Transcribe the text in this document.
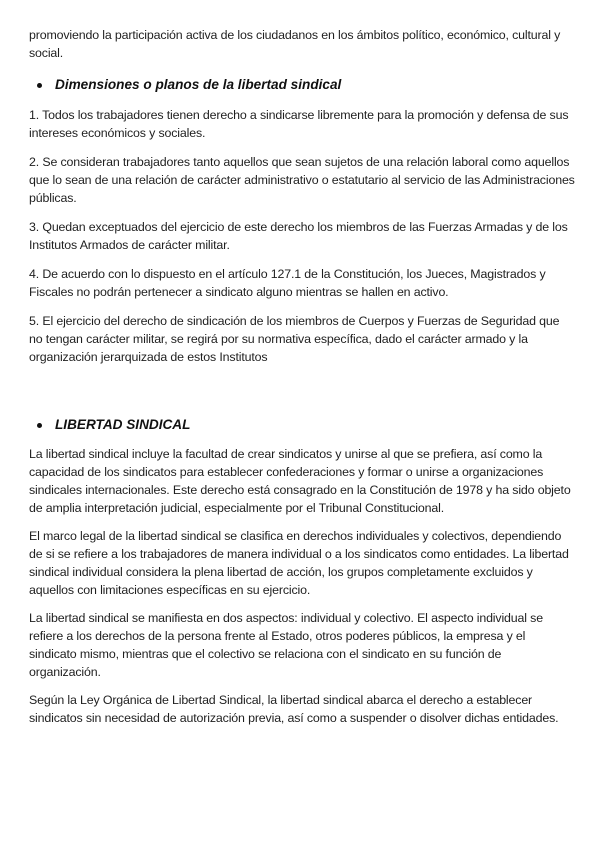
promoviendo la participación activa de los ciudadanos en los ámbitos político, económico, cultural y social.

Dimensiones o planos de la libertad sindical

1. Todos los trabajadores tienen derecho a sindicarse libremente para la promoción y defensa de sus intereses económicos y sociales.

2. Se consideran trabajadores tanto aquellos que sean sujetos de una relación laboral como aquellos que lo sean de una relación de carácter administrativo o estatutario al servicio de las Administraciones públicas.

3. Quedan exceptuados del ejercicio de este derecho los miembros de las Fuerzas Armadas y de los Institutos Armados de carácter militar.

4. De acuerdo con lo dispuesto en el artículo 127.1 de la Constitución, los Jueces, Magistrados y Fiscales no podrán pertenecer a sindicato alguno mientras se hallen en activo.

5. El ejercicio del derecho de sindicación de los miembros de Cuerpos y Fuerzas de Seguridad que no tengan carácter militar, se regirá por su normativa específica, dado el carácter armado y la organización jerarquizada de estos Institutos

LIBERTAD SINDICAL

La libertad sindical incluye la facultad de crear sindicatos y unirse al que se prefiera, así como la capacidad de los sindicatos para establecer confederaciones y formar o unirse a organizaciones sindicales internacionales. Este derecho está consagrado en la Constitución de 1978 y ha sido objeto de amplia interpretación judicial, especialmente por el Tribunal Constitucional.

El marco legal de la libertad sindical se clasifica en derechos individuales y colectivos, dependiendo de si se refiere a los trabajadores de manera individual o a los sindicatos como entidades. La libertad sindical individual considera la plena libertad de acción, los grupos completamente excluidos y aquellos con limitaciones específicas en su ejercicio.

La libertad sindical se manifiesta en dos aspectos: individual y colectivo. El aspecto individual se refiere a los derechos de la persona frente al Estado, otros poderes públicos, la empresa y el sindicato mismo, mientras que el colectivo se relaciona con el sindicato en su función de organización.

Según la Ley Orgánica de Libertad Sindical, la libertad sindical abarca el derecho a establecer sindicatos sin necesidad de autorización previa, así como a suspender o disolver dichas entidades.
